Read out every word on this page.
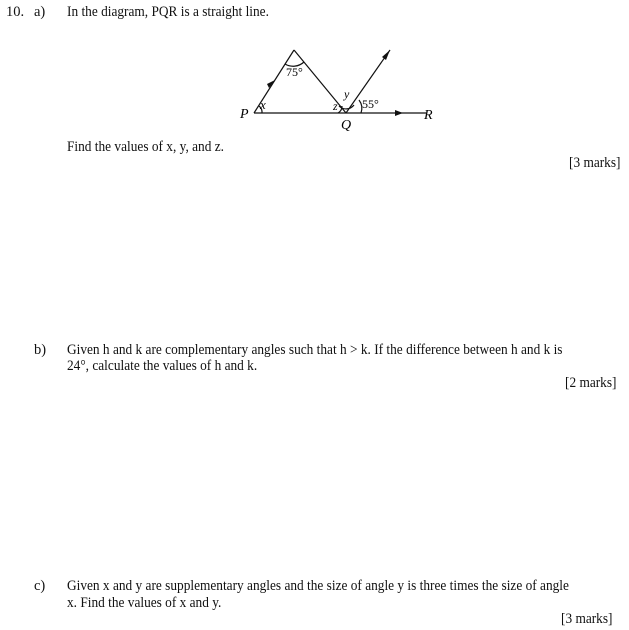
10. a) In the diagram, PQR is a straight line.
P
x
75°
y
z 55°
Q
R
Find the values of x, y, and z.
[3 marks]
b) Given h and k are complementary angles such that h > k. If the difference between h and k is
24°, calculate the values of h and k.
[2 marks]
c) Given x and y are supplementary angles and the size of angle y is three times the size of angle
x. Find the values of x and y.
[3 marks]
